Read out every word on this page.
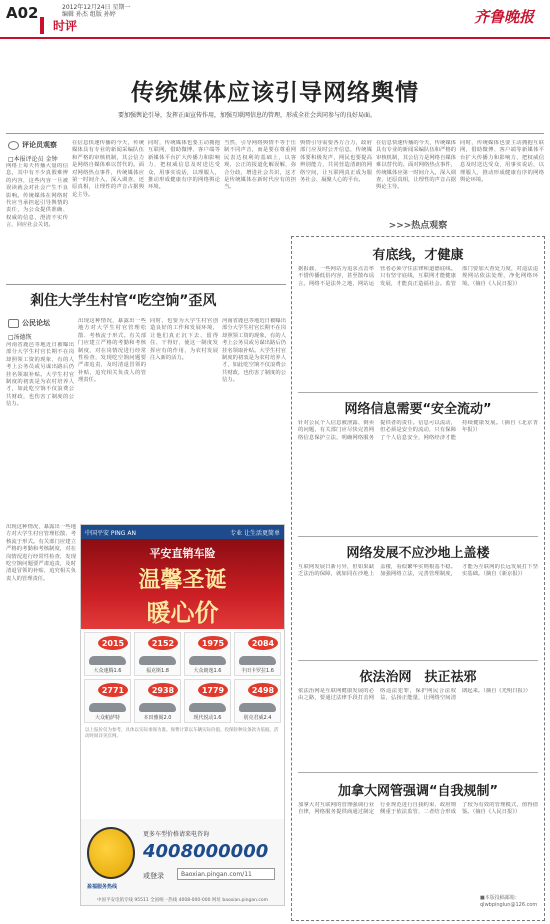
A02	2012年12月24日 星期一
编辑 孙杰 组版 孙婷
时评	齐鲁晚报
传统媒体应该引导网络舆情
要加强舆论引导，发挥正面宣传作用，加强互联网信息的管理，形成全社会共同参与的良好局面。
评论员观察
□本报评论员 金钟
网络上每天传播大量的信息，其中有不少真假难辨的内容，这些内容一旦被误读就会对社会产生不良影响。传统媒体在网络时代应当承担起引导舆情的责任，为公众提供准确、权威的信息，澄清不实传言，回应社会关切。
在信息快速传播的今天，传统媒体具有专业的新闻采编队伍和严格的审核机制，其公信力是网络自媒体难以替代的。面对网络热点事件，传统媒体应第一时间介入，深入调查，还原真相，让理性的声音占据舆论主导。
同时，传统媒体也要主动拥抱互联网，借助微博、客户端等新媒体平台扩大传播力和影响力，把权威信息及时送达受众，用事实说话，以理服人，推动形成健康有序的网络舆论环境。
当然，引导网络舆情不等于压制不同声音，而是要在尊重网民表达权利的基础上，以客观、公正的报道化解误解，弥合分歧，增进社会共识，这才是传统媒体在新时代应有的担当。
舆情引导需要各方合力，政府部门应及时公开信息，传统媒体要积极发声，网民也要提高辨别能力，共同营造清朗的网络空间，让互联网真正成为服务社会、凝聚人心的平台。
在信息快速传播的今天，传统媒体具有专业的新闻采编队伍和严格的审核机制，其公信力是网络自媒体难以替代的。面对网络热点事件，传统媒体应第一时间介入，深入调查，还原真相，让理性的声音占据舆论主导。
同时，传统媒体也要主动拥抱互联网，借助微博、客户端等新媒体平台扩大传播力和影响力，把权威信息及时送达受众，用事实说话，以理服人，推动形成健康有序的网络舆论环境。
剎住大学生村官“吃空饷”歪风
公民论坛
□汤德恢
河南省鹿邑等地近日被曝出部分大学生村官长期不在岗却照领工资的现象，有的人考上公务员或另谋出路后仍挂名领取补贴。大学生村官制度的初衷是为农村培养人才，如此吃空饷不仅浪费公共财政，也伤害了制度的公信力。
出现这种情况，暴露出一些地方对大学生村官管理松散、考核流于形式。有关部门应建立严格的考勤和考核制度，对在岗情况进行经常性检查，发现吃空饷问题要严肃追责，及时清退冒领的补贴，追究相关负责人的管理责任。
同时，也要为大学生村官创造良好的工作和发展环境，让他们真正沉下去、留得住、干得好，使这一制度发挥应有的作用，为农村发展注入新的活力。
河南省鹿邑等地近日被曝出部分大学生村官长期不在岗却照领工资的现象，有的人考上公务员或另谋出路后仍挂名领取补贴。大学生村官制度的初衷是为农村培养人才，如此吃空饷不仅浪费公共财政，也伤害了制度的公信力。
出现这种情况，暴露出一些地方对大学生村官管理松散、考核流于形式。有关部门应建立严格的考勤和考核制度，对在岗情况进行经常性检查，发现吃空饷问题要严肃追责，及时清退冒领的补贴，追究相关负责人的管理责任。
中国平安 PING AN	专业 让生活更简单
平安直销车险
温馨圣诞
暖心价
2015
大众速腾1.6
2152
福克斯1.8
1975
大众朗逸1.6
2084
丰田卡罗拉1.6
2771
大众帕萨特
2938
本田雅阁2.0
1779
现代悦动1.6
2498
别克君威2.4
以上报价仅为参考，具体以实际承保为准。保费计算以车辆实际价值、投保险种及条款为依据。活动时间详见官网。
更多车型价格请来电咨询
4008000000
或登录	Baoxian.pingan.com/11
盈福服务热线
中国平安电销专线 95511 全国统一热线 4008-000-000 网址 baoxian.pingan.com
>>>热点观察
有底线，才健康
据报载，一些网站为追求点击率不惜传播低俗内容，甚至散布谣言。网络不是法外之地，网站运营者必须守住法律和道德底线。只有坚守底线，互联网才能健康发展，才能真正造福社会。监管部门要加大查处力度，对违法违规网站依法处理，净化网络环境。（摘自《人民日报》）
网络信息需要“安全流动”
针对公民个人信息被泄露、倒卖的问题，有关部门应尽快完善网络信息保护立法，明确网络服务提供者的责任。信息可以流动，但必须是安全的流动，只有保障了个人信息安全，网络经济才能持续健康发展。（摘自《北京青年报》）
网络发展不应沙地上盖楼
互联网发展日新月异，但如果缺乏法治的保障，就如同在沙地上盖楼，看似繁华实则根基不稳。加强网络立法，完善管理制度，才能为互联网的长远发展打下坚实基础。（摘自《新京报》）
依法治网　扶正祛邪
依法治网是互联网健康发展的必由之路，要通过法律手段打击网络违法犯罪，保护网民合法权益，弘扬正能量，让网络空间清朗起来。（摘自《光明日报》）
加拿大网管强调“自我规制”
加拿大对互联网的管理强调行业自律，网络服务提供商通过制定行业规范进行自我约束，政府则侧重于依法监管，二者结合形成了较为有效的管理模式，值得借鉴。（摘自《人民日报》）
■本版投稿邮箱：
qlwbpinglun@126.com
